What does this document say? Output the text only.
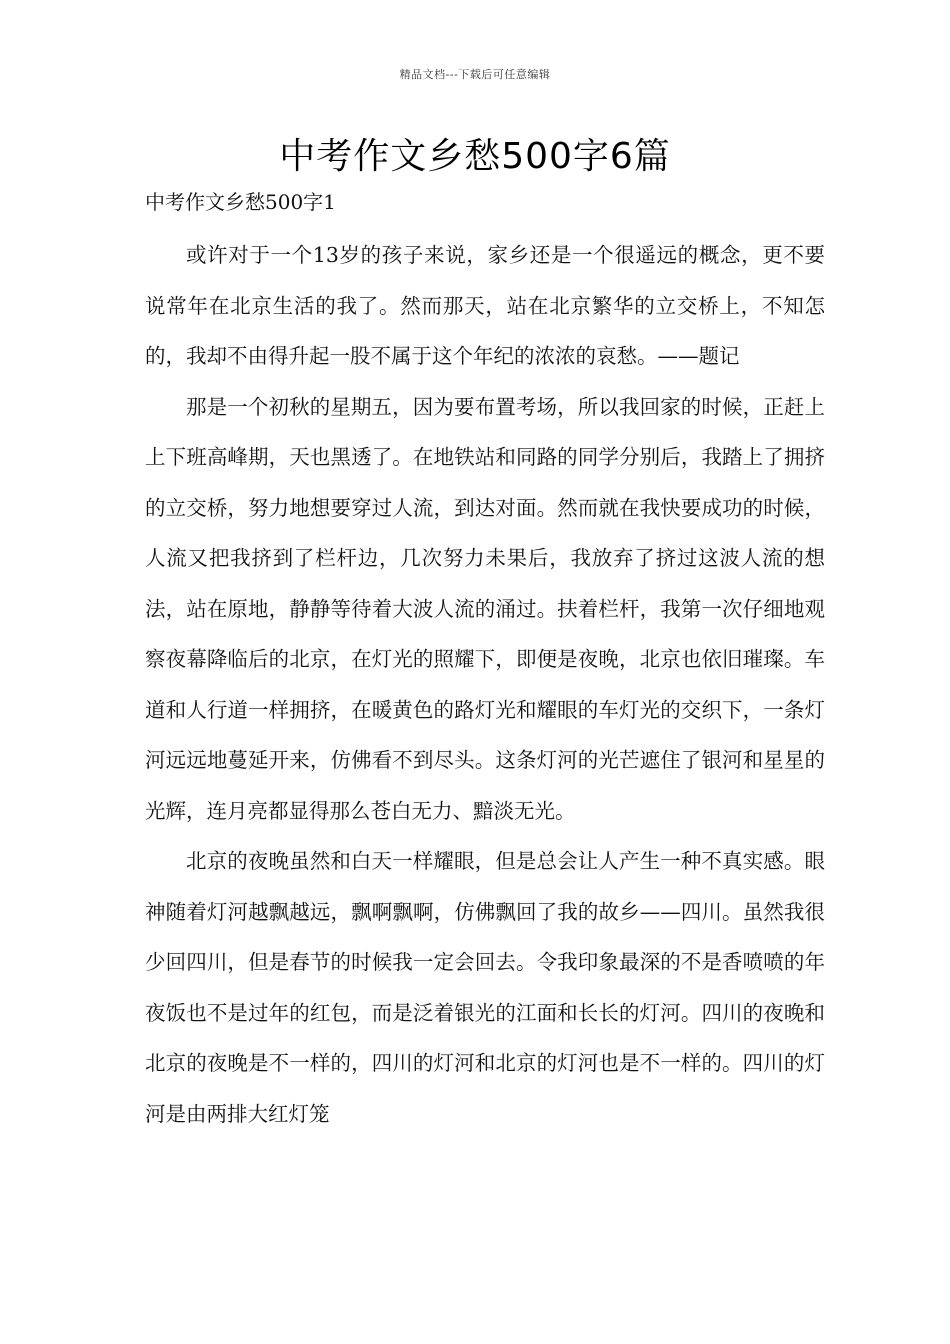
精品文档---下载后可任意编辑
中考作文乡愁500字6篇
中考作文乡愁500字1

或许对于一个13岁的孩子来说，家乡还是一个很遥远的概念，更不要说常年在北京生活的我了。然而那天，站在北京繁华的立交桥上，不知怎的，我却不由得升起一股不属于这个年纪的浓浓的哀愁。——题记

那是一个初秋的星期五，因为要布置考场，所以我回家的时候，正赶上上下班高峰期，天也黑透了。在地铁站和同路的同学分别后，我踏上了拥挤的立交桥，努力地想要穿过人流，到达对面。然而就在我快要成功的时候，人流又把我挤到了栏杆边，几次努力未果后，我放弃了挤过这波人流的想法，站在原地，静静等待着大波人流的涌过。扶着栏杆，我第一次仔细地观察夜幕降临后的北京，在灯光的照耀下，即便是夜晚，北京也依旧璀璨。车道和人行道一样拥挤，在暖黄色的路灯光和耀眼的车灯光的交织下，一条灯河远远地蔓延开来，仿佛看不到尽头。这条灯河的光芒遮住了银河和星星的光辉，连月亮都显得那么苍白无力、黯淡无光。

北京的夜晚虽然和白天一样耀眼，但是总会让人产生一种不真实感。眼神随着灯河越飘越远，飘啊飘啊，仿佛飘回了我的故乡——四川。虽然我很少回四川，但是春节的时候我一定会回去。令我印象最深的不是香喷喷的年夜饭也不是过年的红包，而是泛着银光的江面和长长的灯河。四川的夜晚和北京的夜晚是不一样的，四川的灯河和北京的灯河也是不一样的。四川的灯河是由两排大红灯笼
